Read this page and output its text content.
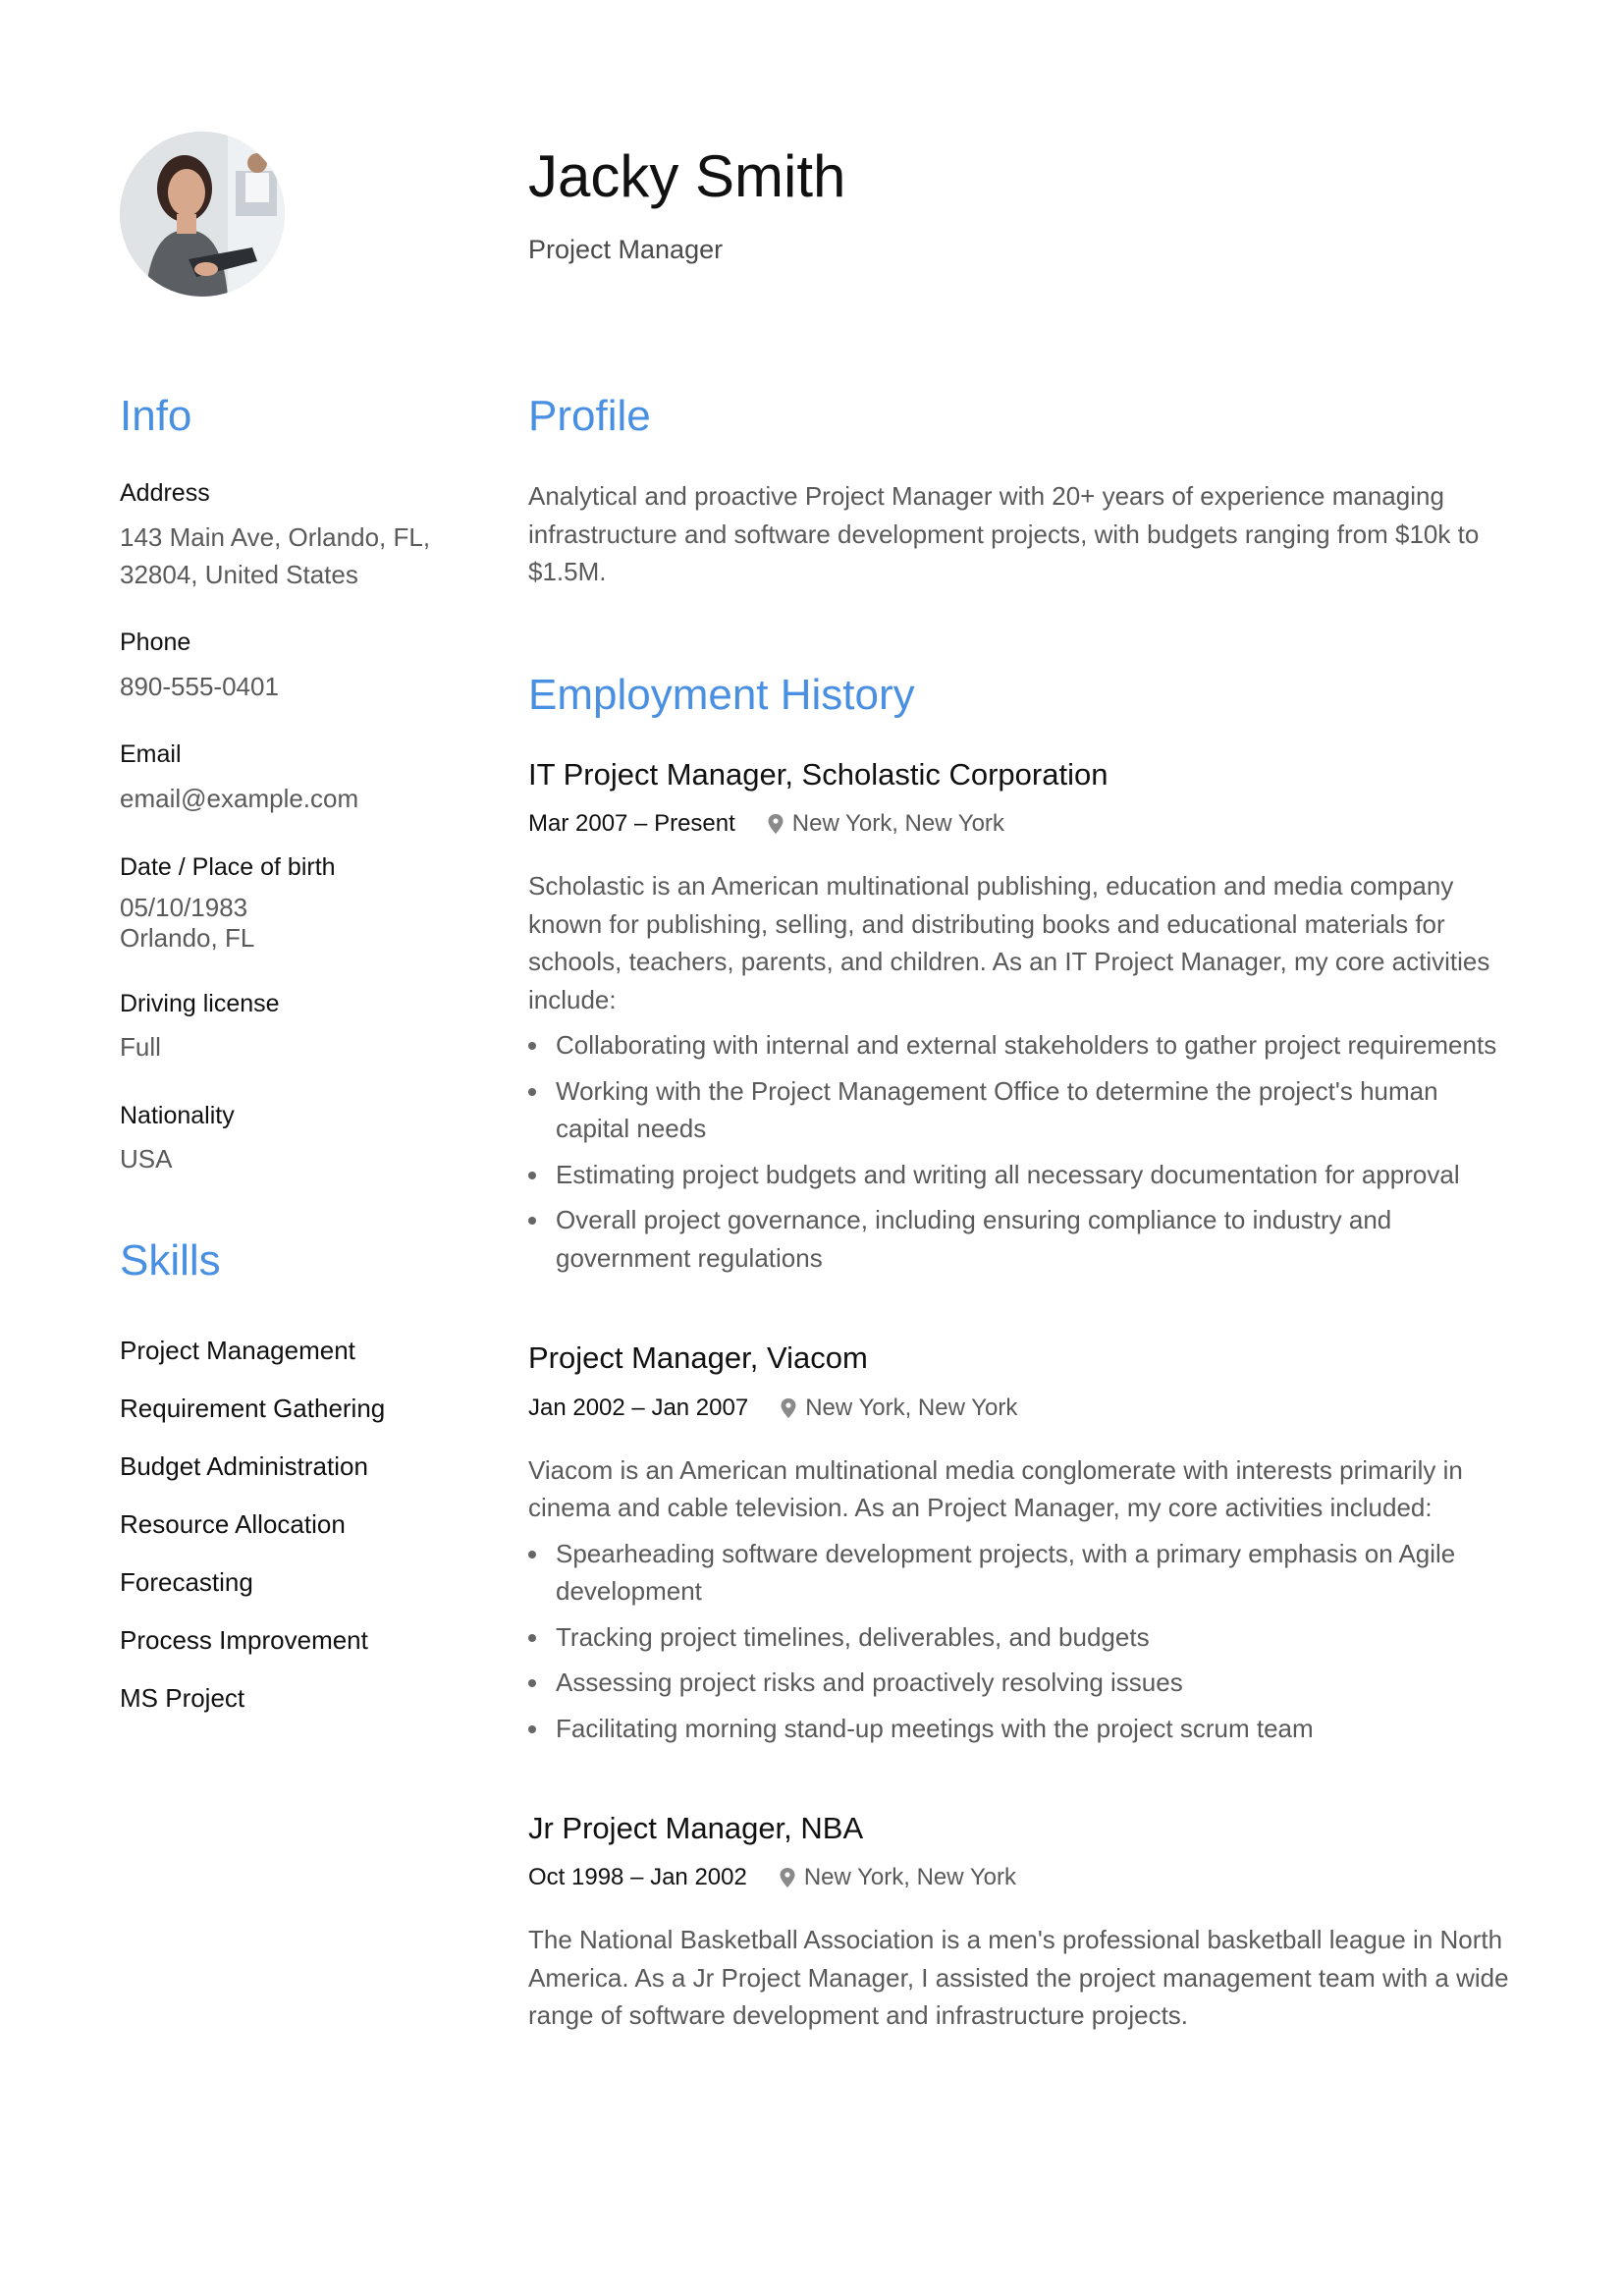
Jacky Smith
Project Manager
Info
Address
143 Main Ave, Orlando, FL, 32804, United States
Phone
890-555-0401
Email
email@example.com
Date / Place of birth
05/10/1983
Orlando, FL
Driving license
Full
Nationality
USA
Skills
Project Management
Requirement Gathering
Budget Administration
Resource Allocation
Forecasting
Process Improvement
MS Project
Profile
Analytical and proactive Project Manager with 20+ years of experience managing infrastructure and software development projects, with budgets ranging from $10k to $1.5M.
Employment History
IT Project Manager, Scholastic Corporation
Mar 2007 – Present New York, New York
Scholastic is an American multinational publishing, education and media company known for publishing, selling, and distributing books and educational materials for schools, teachers, parents, and children. As an IT Project Manager, my core activities include:
Collaborating with internal and external stakeholders to gather project requirements
Working with the Project Management Office to determine the project's human capital needs
Estimating project budgets and writing all necessary documentation for approval
Overall project governance, including ensuring compliance to industry and government regulations
Project Manager, Viacom
Jan 2002 – Jan 2007 New York, New York
Viacom is an American multinational media conglomerate with interests primarily in cinema and cable television. As an Project Manager, my core activities included:
Spearheading software development projects, with a primary emphasis on Agile development
Tracking project timelines, deliverables, and budgets
Assessing project risks and proactively resolving issues
Facilitating morning stand-up meetings with the project scrum team
Jr Project Manager, NBA
Oct 1998 – Jan 2002 New York, New York
The National Basketball Association is a men's professional basketball league in North America. As a Jr Project Manager, I assisted the project management team with a wide range of software development and infrastructure projects.
